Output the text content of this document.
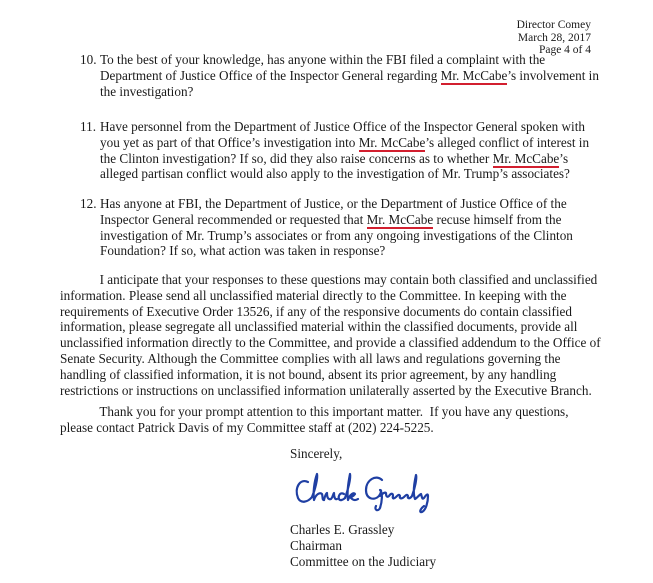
Director Comey
March 28, 2017
Page 4 of 4
10. To the best of your knowledge, has anyone within the FBI filed a complaint with the
Department of Justice Office of the Inspector General regarding Mr. McCabe’s involvement in
the investigation?
11. Have personnel from the Department of Justice Office of the Inspector General spoken with
you yet as part of that Office’s investigation into Mr. McCabe’s alleged conflict of interest in
the Clinton investigation? If so, did they also raise concerns as to whether Mr. McCabe’s
alleged partisan conflict would also apply to the investigation of Mr. Trump’s associates?
12. Has anyone at FBI, the Department of Justice, or the Department of Justice Office of the
Inspector General recommended or requested that Mr. McCabe recuse himself from the
investigation of Mr. Trump’s associates or from any ongoing investigations of the Clinton
Foundation? If so, what action was taken in response?
I anticipate that your responses to these questions may contain both classified and unclassified
information. Please send all unclassified material directly to the Committee. In keeping with the
requirements of Executive Order 13526, if any of the responsive documents do contain classified
information, please segregate all unclassified material within the classified documents, provide all
unclassified information directly to the Committee, and provide a classified addendum to the Office of
Senate Security. Although the Committee complies with all laws and regulations governing the
handling of classified information, it is not bound, absent its prior agreement, by any handling
restrictions or instructions on unclassified information unilaterally asserted by the Executive Branch.
Thank you for your prompt attention to this important matter.  If you have any questions,
please contact Patrick Davis of my Committee staff at (202) 224-5225.
Sincerely,
Charles E. Grassley
Chairman
Committee on the Judiciary
